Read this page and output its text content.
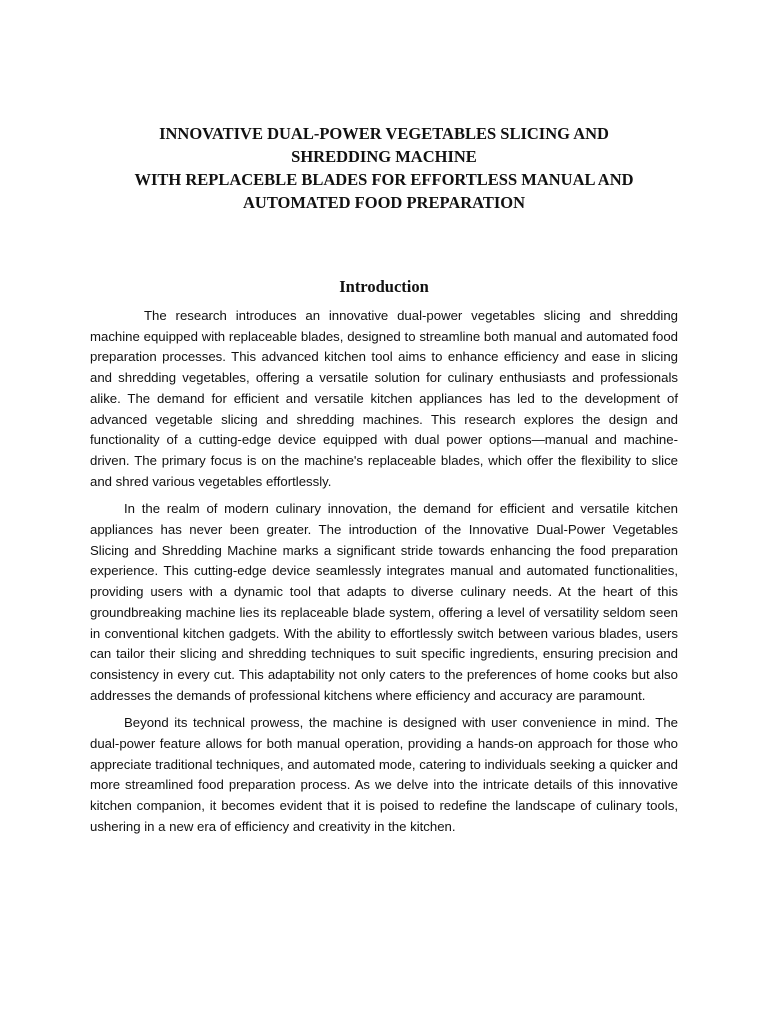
INNOVATIVE DUAL-POWER VEGETABLES SLICING AND
SHREDDING MACHINE
WITH REPLACEBLE BLADES FOR EFFORTLESS MANUAL AND
AUTOMATED FOOD PREPARATION
Introduction

The research introduces an innovative dual-power vegetables slicing and shredding machine equipped with replaceable blades, designed to streamline both manual and automated food preparation processes. This advanced kitchen tool aims to enhance efficiency and ease in slicing and shredding vegetables, offering a versatile solution for culinary enthusiasts and professionals alike. The demand for efficient and versatile kitchen appliances has led to the development of advanced vegetable slicing and shredding machines. This research explores the design and functionality of a cutting-edge device equipped with dual power options—manual and machine-driven. The primary focus is on the machine's replaceable blades, which offer the flexibility to slice and shred various vegetables effortlessly.

In the realm of modern culinary innovation, the demand for efficient and versatile kitchen appliances has never been greater. The introduction of the Innovative Dual-Power Vegetables Slicing and Shredding Machine marks a significant stride towards enhancing the food preparation experience. This cutting-edge device seamlessly integrates manual and automated functionalities, providing users with a dynamic tool that adapts to diverse culinary needs. At the heart of this groundbreaking machine lies its replaceable blade system, offering a level of versatility seldom seen in conventional kitchen gadgets. With the ability to effortlessly switch between various blades, users can tailor their slicing and shredding techniques to suit specific ingredients, ensuring precision and consistency in every cut. This adaptability not only caters to the preferences of home cooks but also addresses the demands of professional kitchens where efficiency and accuracy are paramount.

Beyond its technical prowess, the machine is designed with user convenience in mind. The dual-power feature allows for both manual operation, providing a hands-on approach for those who appreciate traditional techniques, and automated mode, catering to individuals seeking a quicker and more streamlined food preparation process. As we delve into the intricate details of this innovative kitchen companion, it becomes evident that it is poised to redefine the landscape of culinary tools, ushering in a new era of efficiency and creativity in the kitchen.
